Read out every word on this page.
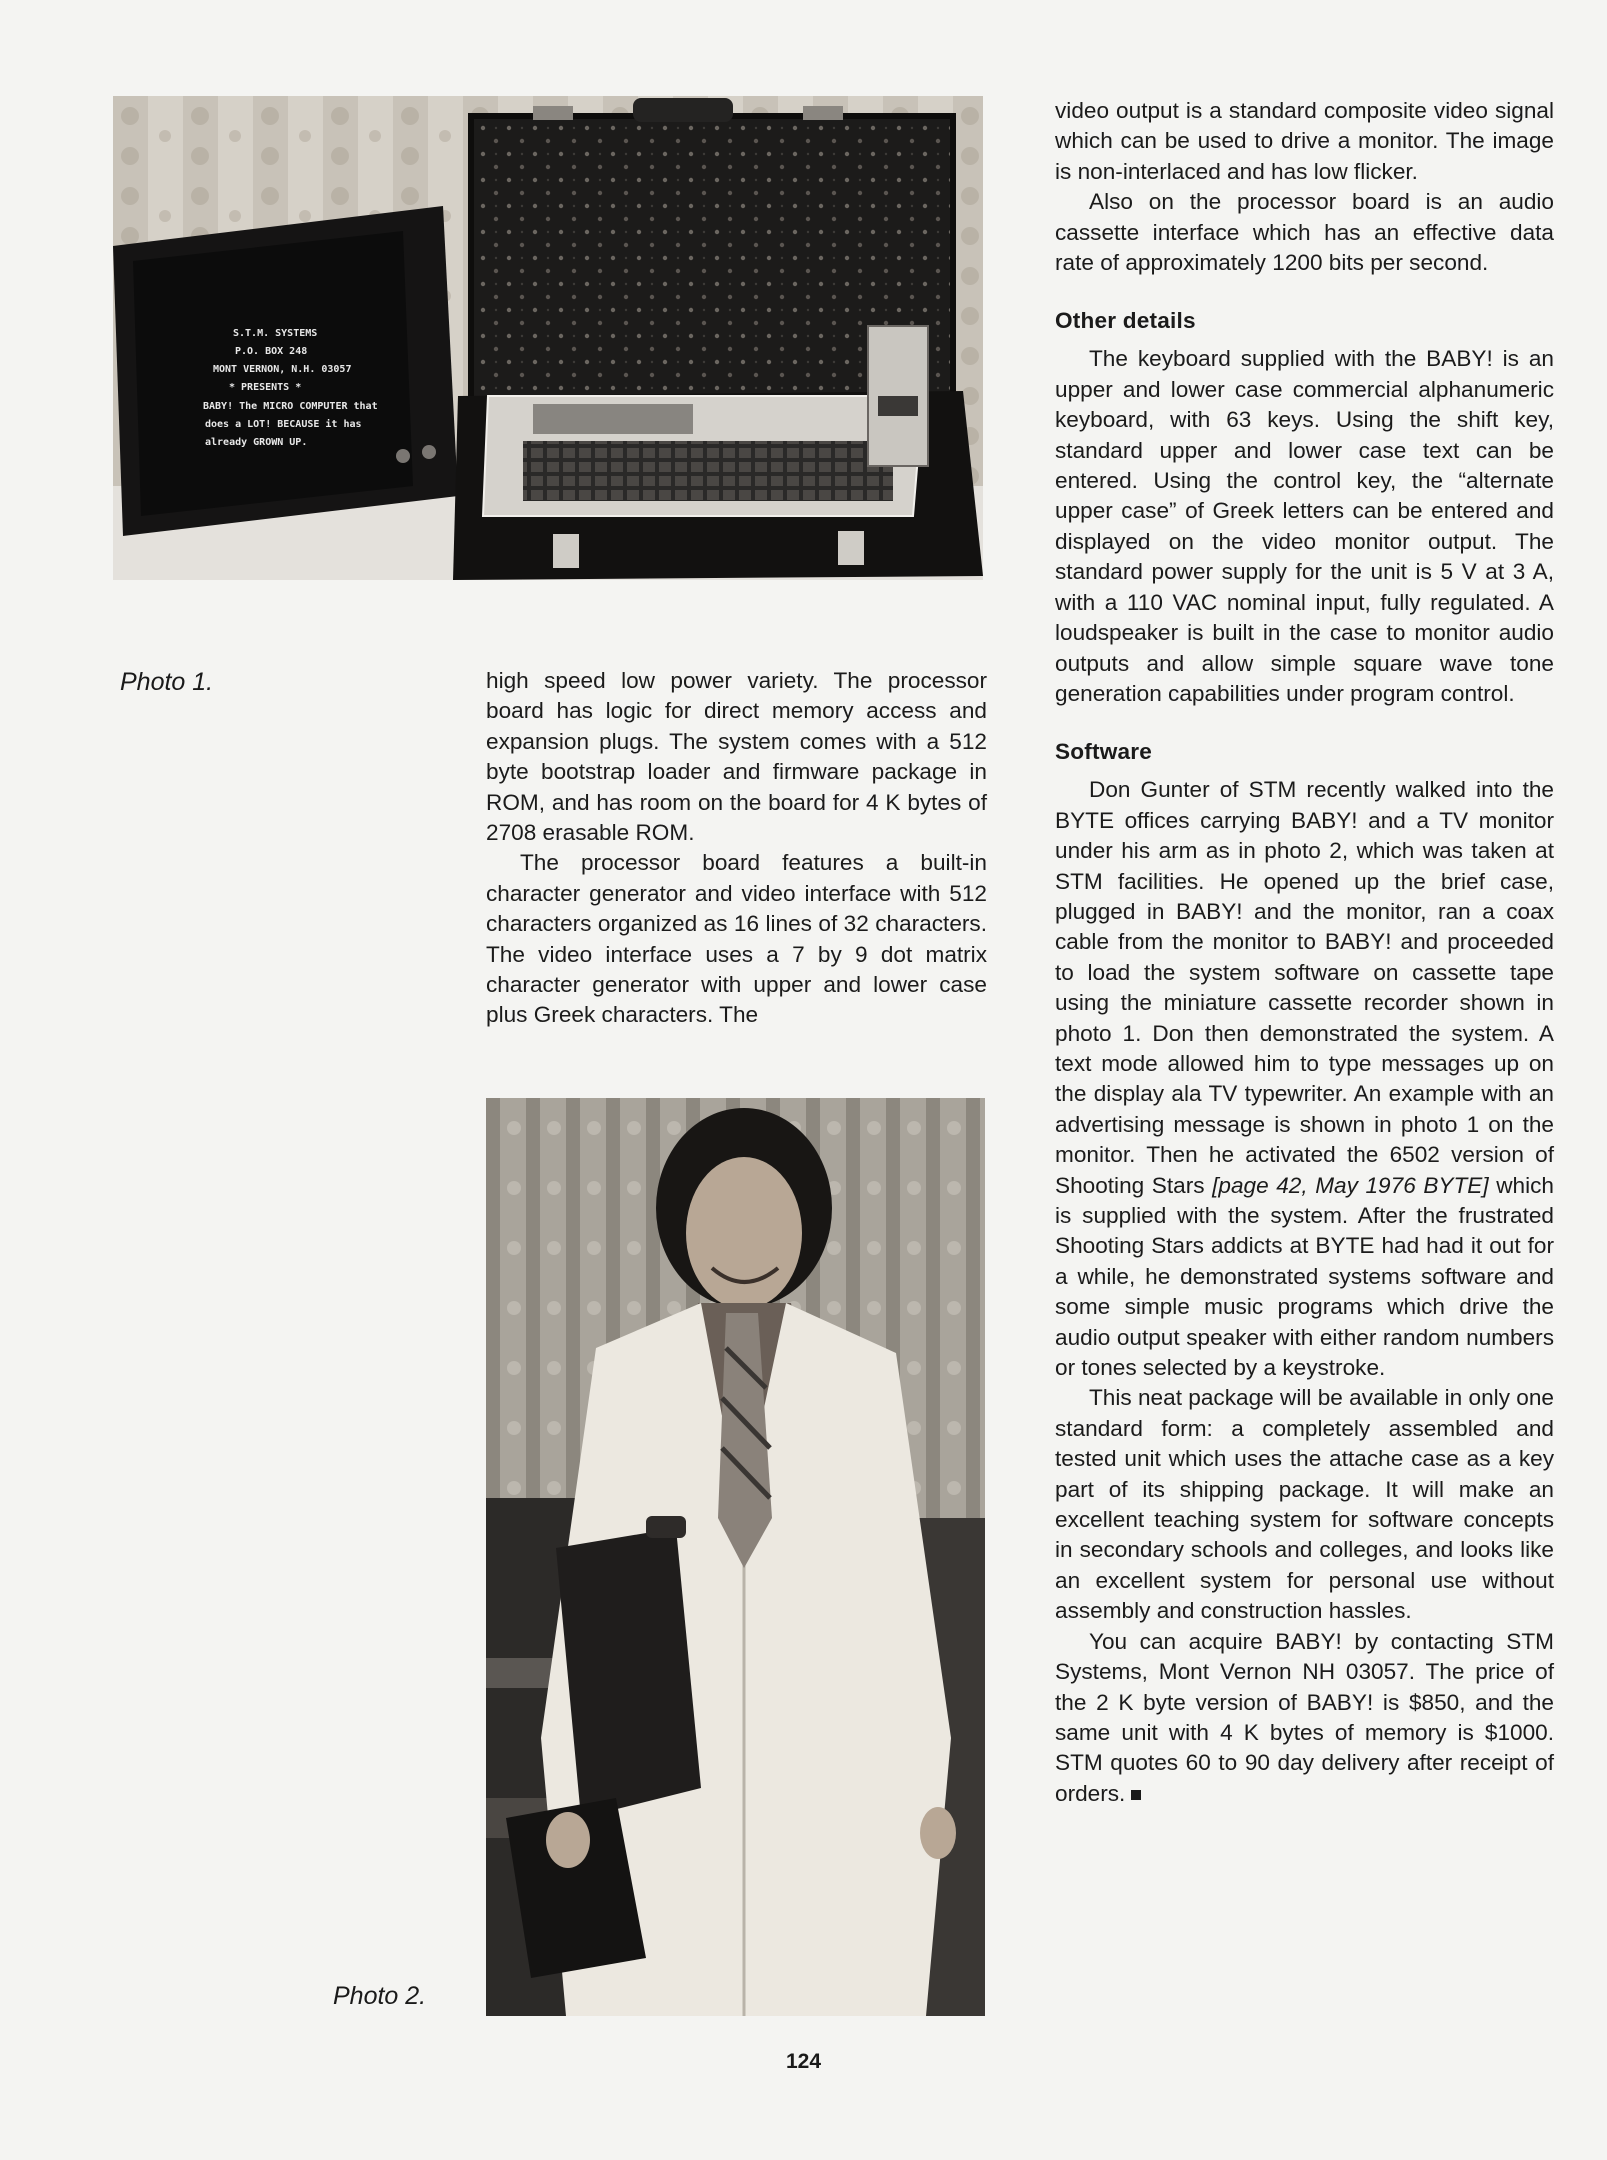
S.T.M. SYSTEMS
P.O. BOX 248
MONT VERNON, N.H. 03057
* PRESENTS *
BABY! The MICRO COMPUTER that
does a LOT! BECAUSE it has
already GROWN UP.
Photo 1.	high speed low power variety. The processor board has logic for direct memory access and expansion plugs. The system comes with a 512 byte bootstrap loader and firmware package in ROM, and has room on the board for 4 K bytes of 2708 erasable ROM.

The processor board features a built-in character generator and video interface with 512 characters organized as 16 lines of 32 characters. The video interface uses a 7 by 9 dot matrix character generator with upper and lower case plus Greek characters. The

Photo 2.

video output is a standard composite video signal which can be used to drive a monitor. The image is non-interlaced and has low flicker.

Also on the processor board is an audio cassette interface which has an effective data rate of approximately 1200 bits per second.

Other details

The keyboard supplied with the BABY! is an upper and lower case commercial alphanumeric keyboard, with 63 keys. Using the shift key, standard upper and lower case text can be entered. Using the control key, the “alternate upper case” of Greek letters can be entered and displayed on the video monitor output. The standard power supply for the unit is 5 V at 3 A, with a 110 VAC nominal input, fully regulated. A loudspeaker is built in the case to monitor audio outputs and allow simple square wave tone generation capabilities under program control.

Software

Don Gunter of STM recently walked into the BYTE offices carrying BABY! and a TV monitor under his arm as in photo 2, which was taken at STM facilities. He opened up the brief case, plugged in BABY! and the monitor, ran a coax cable from the monitor to BABY! and proceeded to load the system software on cassette tape using the miniature cassette recorder shown in photo 1. Don then demonstrated the system. A text mode allowed him to type messages up on the display ala TV typewriter. An example with an advertising message is shown in photo 1 on the monitor. Then he activated the 6502 version of Shooting Stars [page 42, May 1976 BYTE] which is supplied with the system. After the frustrated Shooting Stars addicts at BYTE had had it out for a while, he demonstrated systems software and some simple music programs which drive the audio output speaker with either random numbers or tones selected by a keystroke.

This neat package will be available in only one standard form: a completely assembled and tested unit which uses the attache case as a key part of its shipping package. It will make an excellent teaching system for software concepts in secondary schools and colleges, and looks like an excellent system for personal use without assembly and construction hassles.

You can acquire BABY! by contacting STM Systems, Mont Vernon NH 03057. The price of the 2 K byte version of BABY! is $850, and the same unit with 4 K bytes of memory is $1000. STM quotes 60 to 90 day delivery after receipt of orders.

124
